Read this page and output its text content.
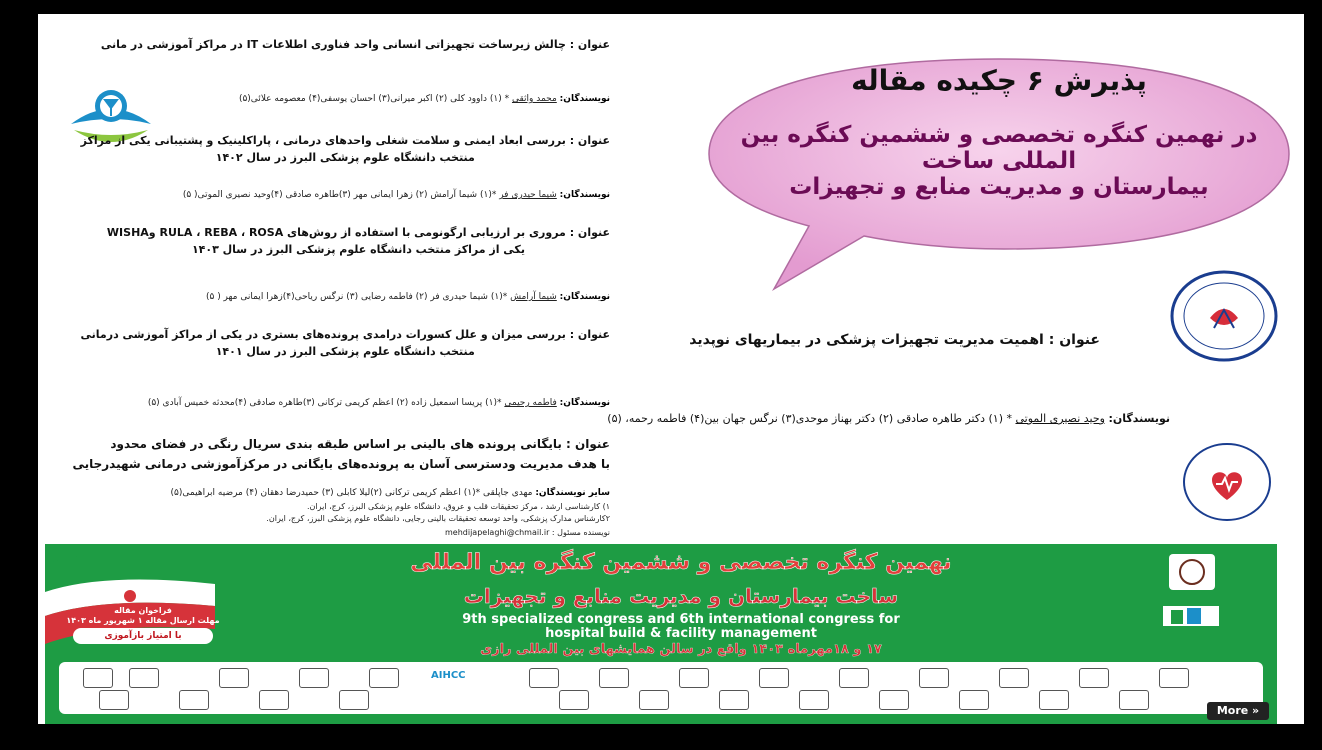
عنوان : چالش زیرساخت تجهیزاتی انسانی واحد فناوری اطلاعات IT در مراکز آموزشی در مانی
نویسندگان: محمد واثقی * (۱) داوود کلی (۲) اکبر میرانی(۳) احسان یوسفی(۴) معصومه علائی(۵)
عنوان : بررسی ابعاد ایمنی و سلامت شغلی واحدهای درمانی ، پاراکلینیک و پشتیبانی یکی از مراکز
منتخب دانشگاه علوم پزشکی البرز در سال ۱۴۰۲
نویسندگان: شیما حیدری فر *(۱) شیما آرامش (۲) زهرا ایمانی مهر (۳)طاهره صادقی (۴)وحید نصیری الموتی( ۵)
عنوان : مروری بر ارزیابی ارگونومی با استفاده از روش‌های RULA ، REBA ، ROSA وWISHA
یکی از مراکز منتخب دانشگاه علوم پزشکی البرز در سال ۱۴۰۳
نویسندگان: شیما آرامش *(۱) شیما حیدری فر (۲) فاطمه رضایی (۳) نرگس ریاحی(۴)زهرا ایمانی مهر ( ۵)
عنوان : بررسی میزان و علل کسورات درامدی پرونده‌های بستری در یکی از مراکز آموزشی درمانی
منتخب دانشگاه علوم پزشکی البرز در سال ۱۴۰۱
نویسندگان: فاطمه رحیمی *(۱) پریسا اسمعیل زاده (۲) اعظم کریمی ترکانی (۳)طاهره صادقی (۴)محدثه خمیس آبادی (۵)
عنوان : بایگانی پرونده های بالینی بر اساس طبقه بندی سریال رنگی در فضای محدود
با هدف مدیریت ودسترسی آسان به پرونده‌های بایگانی در مرکزآموزشی درمانی شهیدرجایی
سایر نویسندگان: مهدی جاپلقی *(۱) اعظم کریمی ترکانی (۲)لیلا کابلی (۳) حمیدرضا دهقان (۴) مرضیه ابراهیمی(۵)
۱) کارشناسی ارشد ، مرکز تحقیقات قلب و عروق، دانشگاه علوم پزشکی البرز، کرج، ایران.
۲کارشناس مدارک پزشکی، واحد توسعه تحقیقات بالینی رجایی، دانشگاه علوم پزشکی البرز، کرج، ایران.
نویسنده مسئول : mehdijapelaghi@chmail.ir
پذیرش ۶ چکیده مقاله
در نهمین کنگره تخصصی و ششمین کنگره بین المللی ساخت
بیمارستان و مدیریت منابع و تجهیزات
عنوان : اهمیت مدیریت تجهیزات پزشکی در بیماریهای نوپدید
نویسندگان: وحید نصیری الموتی * (۱) دکتر طاهره صادقی (۲) دکتر بهناز موحدی(۳) نرگس جهان بین(۴) فاطمه رحمه، (۵)
فراخوان مقاله
مهلت ارسال مقاله ۱ شهریور ماه ۱۴۰۳
با امتیاز بازآموزی
نهمین کنگره تخصصی و ششمین کنگره بین المللی
ساخت بیمارستان و مدیریت منابع و تجهیزات
9th specialized congress and 6th international congress for
hospital build & facility management
۱۷ و ۱۸مهرماه ۱۴۰۳ واقع در سالن همایشهای بین المللی رازی
AIHCC
More »
